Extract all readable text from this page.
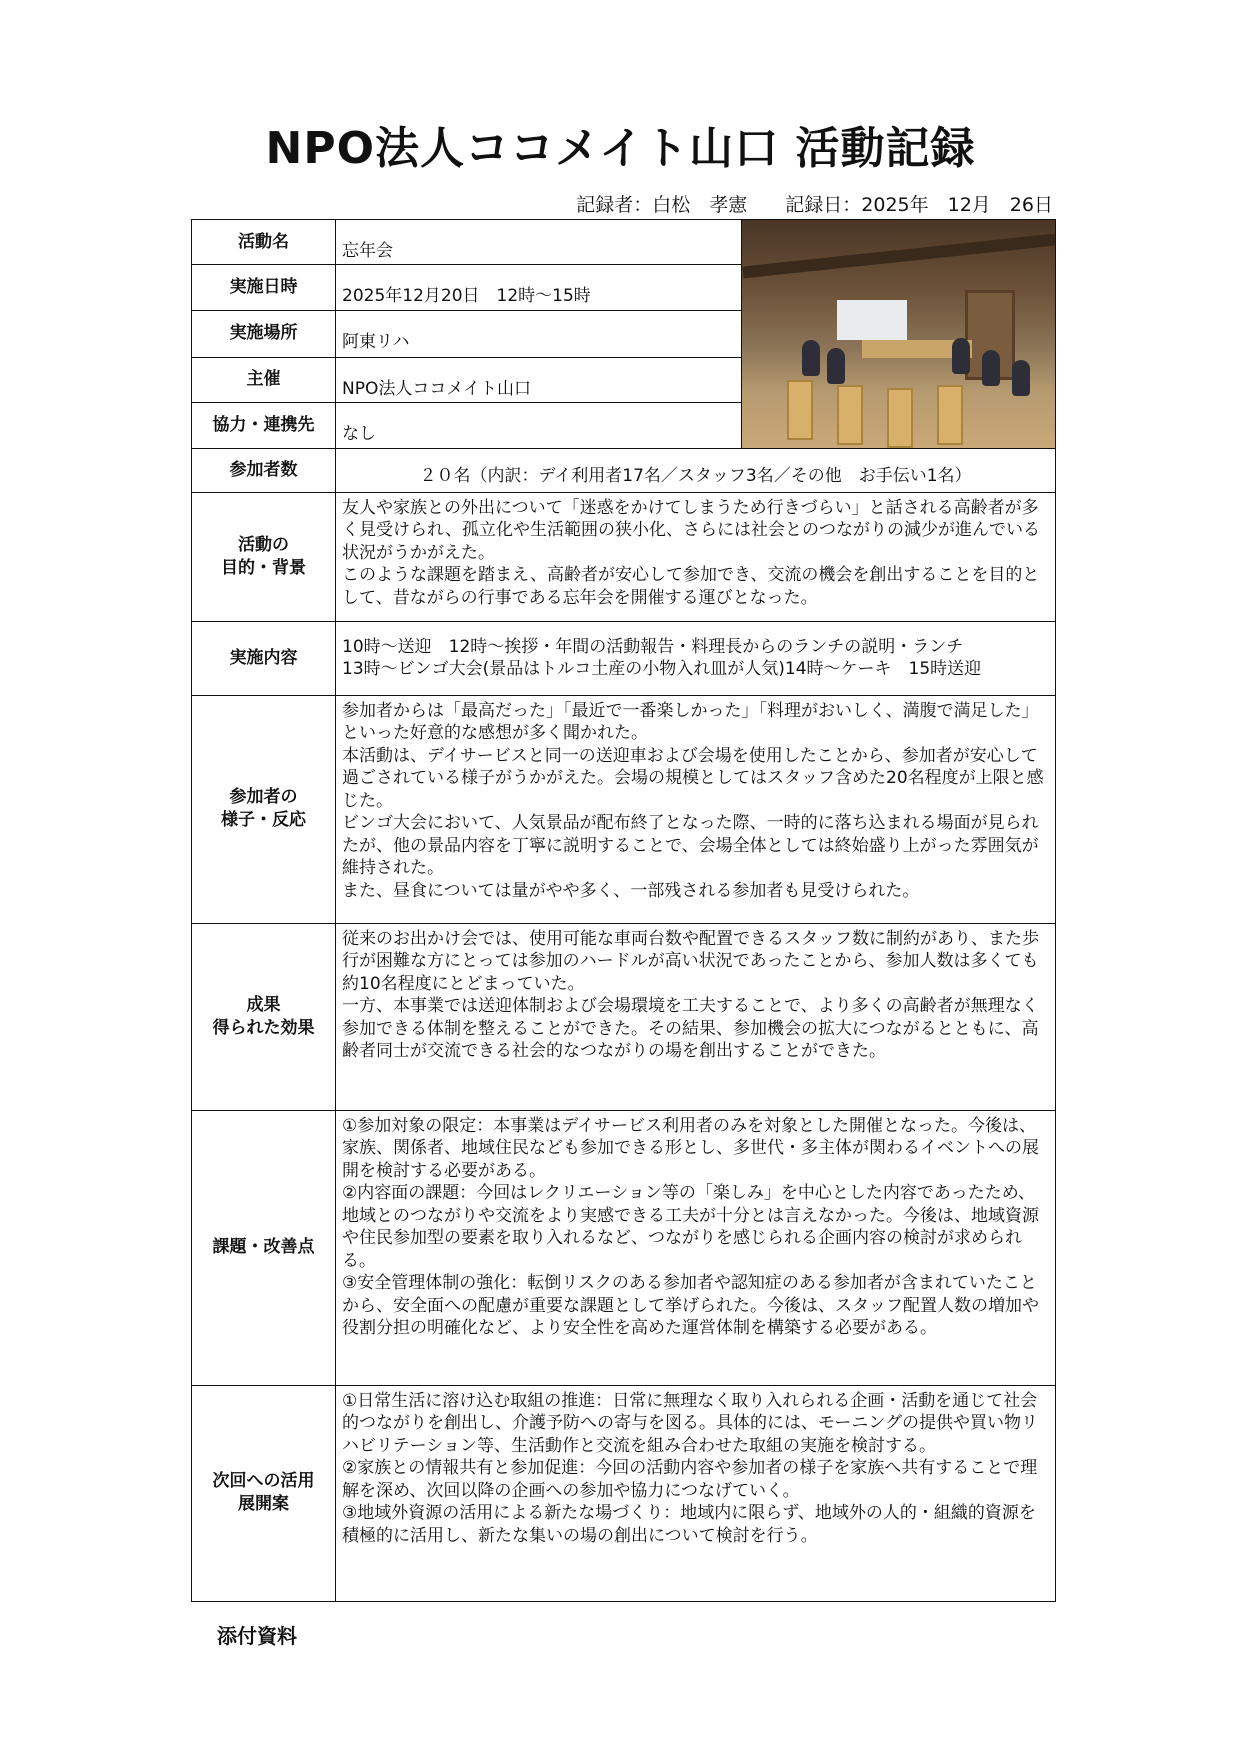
NPO法人ココメイト山口 活動記録
記録者：白松　孝憲　　 記録日：2025年　12月　26日
活動名	忘年会	

実施日時	2025年12月20日　12時〜15時	
実施場所	阿東リハ	
主催	NPO法人ココメイト山口	
協力・連携先	なし	
参加者数	２０名（内訳：デイ利用者17名／スタッフ3名／その他　お手伝い1名）	
活動の
目的・背景	友人や家族との外出について「迷惑をかけてしまうため行きづらい」と話される高齢者が多く見受けられ、孤立化や生活範囲の狭小化、さらには社会とのつながりの減少が進んでいる状況がうかがえた。
このような課題を踏まえ、高齢者が安心して参加でき、交流の機会を創出することを目的として、昔ながらの行事である忘年会を開催する運びとなった。	
実施内容	10時〜送迎　12時〜挨拶・年間の活動報告・料理長からのランチの説明・ランチ
13時〜ビンゴ大会(景品はトルコ土産の小物入れ皿が人気)14時〜ケーキ　15時送迎	
参加者の
様子・反応	参加者からは「最高だった」「最近で一番楽しかった」「料理がおいしく、満腹で満足した」といった好意的な感想が多く聞かれた。
本活動は、デイサービスと同一の送迎車および会場を使用したことから、参加者が安心して過ごされている様子がうかがえた。会場の規模としてはスタッフ含めた20名程度が上限と感じた。
ビンゴ大会において、人気景品が配布終了となった際、一時的に落ち込まれる場面が見られたが、他の景品内容を丁寧に説明することで、会場全体としては終始盛り上がった雰囲気が維持された。
また、昼食については量がやや多く、一部残される参加者も見受けられた。	
成果
得られた効果	従来のお出かけ会では、使用可能な車両台数や配置できるスタッフ数に制約があり、また歩行が困難な方にとっては参加のハードルが高い状況であったことから、参加人数は多くても約10名程度にとどまっていた。
一方、本事業では送迎体制および会場環境を工夫することで、より多くの高齢者が無理なく参加できる体制を整えることができた。その結果、参加機会の拡大につながるとともに、高齢者同士が交流できる社会的なつながりの場を創出することができた。	
課題・改善点	①参加対象の限定：本事業はデイサービス利用者のみを対象とした開催となった。今後は、家族、関係者、地域住民なども参加できる形とし、多世代・多主体が関わるイベントへの展開を検討する必要がある。
②内容面の課題：今回はレクリエーション等の「楽しみ」を中心とした内容であったため、地域とのつながりや交流をより実感できる工夫が十分とは言えなかった。今後は、地域資源や住民参加型の要素を取り入れるなど、つながりを感じられる企画内容の検討が求められる。
③安全管理体制の強化：転倒リスクのある参加者や認知症のある参加者が含まれていたことから、安全面への配慮が重要な課題として挙げられた。今後は、スタッフ配置人数の増加や役割分担の明確化など、より安全性を高めた運営体制を構築する必要がある。	
次回への活用
展開案	①日常生活に溶け込む取組の推進：日常に無理なく取り入れられる企画・活動を通じて社会的つながりを創出し、介護予防への寄与を図る。具体的には、モーニングの提供や買い物リハビリテーション等、生活動作と交流を組み合わせた取組の実施を検討する。
②家族との情報共有と参加促進：今回の活動内容や参加者の様子を家族へ共有することで理解を深め、次回以降の企画への参加や協力につなげていく。
③地域外資源の活用による新たな場づくり：地域内に限らず、地域外の人的・組織的資源を積極的に活用し、新たな集いの場の創出について検討を行う。	
添付資料
